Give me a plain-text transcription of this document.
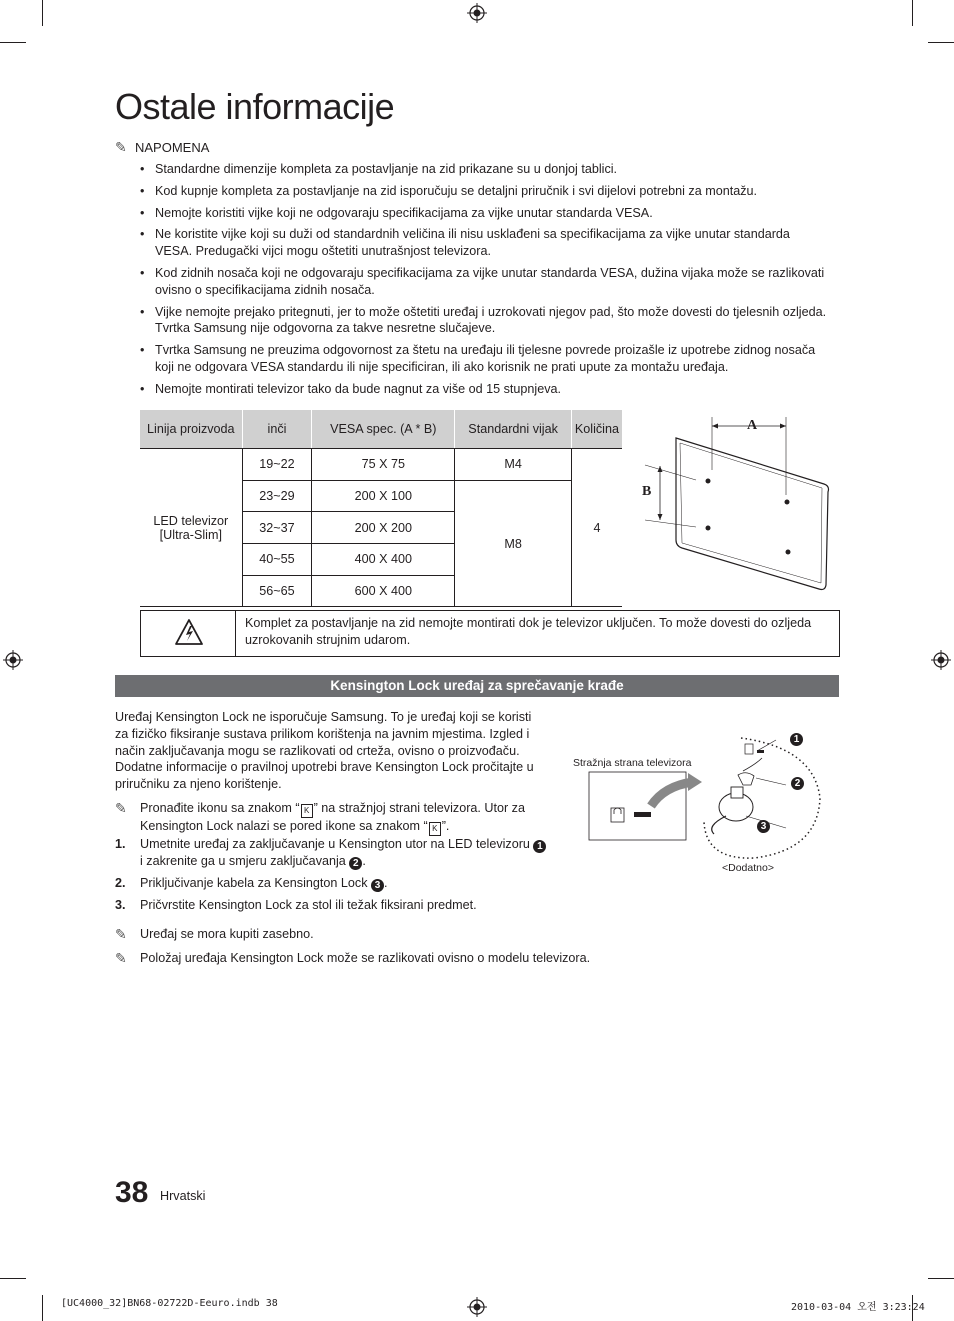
Ostale informacije
✎ NAPOMENA
• Standardne dimenzije kompleta za postavljanje na zid prikazane su u donjoj tablici.
• Kod kupnje kompleta za postavljanje na zid isporučuju se detaljni priručnik i svi dijelovi potrebni za montažu.
• Nemojte koristiti vijke koji ne odgovaraju specifikacijama za vijke unutar standarda VESA.
• Ne koristite vijke koji su duži od standardnih veličina ili nisu usklađeni sa specifikacijama za vijke unutar standarda VESA. Predugački vijci mogu oštetiti unutrašnjost televizora.
• Kod zidnih nosača koji ne odgovaraju specifikacijama za vijke unutar standarda VESA, dužina vijaka može se razlikovati ovisno o specifikacijama zidnih nosača.
• Vijke nemojte prejako pritegnuti, jer to može oštetiti uređaj i uzrokovati njegov pad, što može dovesti do tjelesnih ozljeda. Tvrtka Samsung nije odgovorna za takve nesretne slučajeve.
• Tvrtka Samsung ne preuzima odgovornost za štetu na uređaju ili tjelesne povrede proizašle iz upotrebe zidnog nosača koji ne odgovara VESA standardu ili nije specificiran, ili ako korisnik ne prati upute za montažu uređaja.
• Nemojte montirati televizor tako da bude nagnut za više od 15 stupnjeva.
Linija proizvoda	inči	VESA spec. (A * B)	Standardni vijak	Količina
LED televizor [Ultra-Slim]	19~22	75 X 75	M4	4
	23~29	200 X 100	M8	
	32~37	200 X 200		
	40~55	400 X 400		
	56~65	600 X 400		
A
B
Komplet za postavljanje na zid nemojte montirati dok je televizor uključen. To može dovesti do ozljeda uzrokovanih strujnim udarom.
Kensington Lock uređaj za sprečavanje krađe
Uređaj Kensington Lock ne isporučuje Samsung. To je uređaj koji se koristi za fizičko fiksiranje sustava prilikom korištenja na javnim mjestima. Izgled i način zaključavanja mogu se razlikovati od crteža, ovisno o proizvođaču. Dodatne informacije o pravilnoj upotrebi brave Kensington Lock pročitajte u priručniku za njeno korištenje.
✎	Pronađite ikonu sa znakom “ K ” na stražnjoj strani televizora. Utor za Kensington Lock nalazi se pored ikone sa znakom “ K ”.
1. Umetnite uređaj za zaključavanje u Kensington utor na LED televizoru 1 i zakrenite ga u smjeru zaključavanja 2 .
2. Priključivanje kabela za Kensington Lock 3 .
3. Pričvrstite Kensington Lock za stol ili težak fiksirani predmet.
✎	Uređaj se mora kupiti zasebno.
✎	Položaj uređaja Kensington Lock može se razlikovati ovisno o modelu televizora.
Stražnja strana televizora
1
2
3
<Dodatno>
38 Hrvatski
[UC4000_32]BN68-02722D-Eeuro.indb 38	2010-03-04 오전 3:23:24
